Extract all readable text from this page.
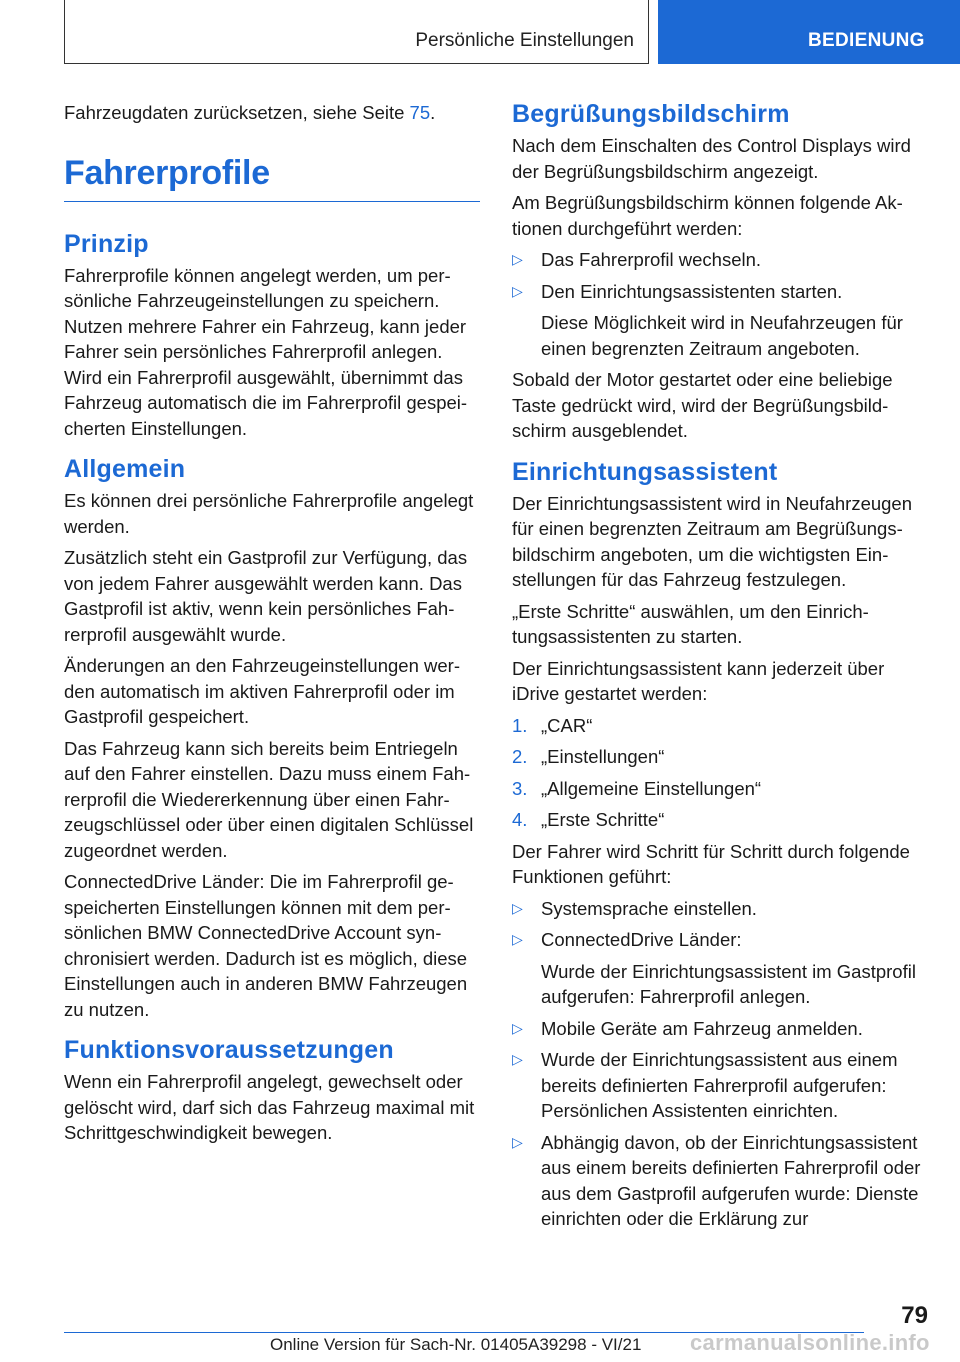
Persönliche Einstellungen	BEDIENUNG

Fahrzeugdaten zurücksetzen, siehe Seite 75.

Fahrerprofile
Prinzip

Fahrerprofile können angelegt werden, um persönliche Fahrzeugeinstellungen zu speichern. Nutzen mehrere Fahrer ein Fahrzeug, kann jeder Fahrer sein persönliches Fahrerprofil anlegen. Wird ein Fahrerprofil ausgewählt, übernimmt das Fahrzeug automatisch die im Fahrerprofil gespeicherten Einstellungen.

Allgemein

Es können drei persönliche Fahrerprofile angelegt werden.

Zusätzlich steht ein Gastprofil zur Verfügung, das von jedem Fahrer ausgewählt werden kann. Das Gastprofil ist aktiv, wenn kein persönliches Fahrerprofil ausgewählt wurde.

Änderungen an den Fahrzeugeinstellungen werden automatisch im aktiven Fahrerprofil oder im Gastprofil gespeichert.

Das Fahrzeug kann sich bereits beim Entriegeln auf den Fahrer einstellen. Dazu muss einem Fahrerprofil die Wiedererkennung über einen Fahrzeugschlüssel oder über einen digitalen Schlüssel zugeordnet werden.

ConnectedDrive Länder: Die im Fahrerprofil gespeicherten Einstellungen können mit dem persönlichen BMW ConnectedDrive Account synchronisiert werden. Dadurch ist es möglich, diese Einstellungen auch in anderen BMW Fahrzeugen zu nutzen.

Funktionsvoraussetzungen

Wenn ein Fahrerprofil angelegt, gewechselt oder gelöscht wird, darf sich das Fahrzeug maximal mit Schrittgeschwindigkeit bewegen.

Begrüßungsbildschirm

Nach dem Einschalten des Control Displays wird der Begrüßungsbildschirm angezeigt.

Am Begrüßungsbildschirm können folgende Aktionen durchgeführt werden:

▷ Das Fahrerprofil wechseln.
▷ Den Einrichtungsassistenten starten.
Diese Möglichkeit wird in Neufahrzeugen für einen begrenzten Zeitraum angeboten.

Sobald der Motor gestartet oder eine beliebige Taste gedrückt wird, wird der Begrüßungsbildschirm ausgeblendet.

Einrichtungsassistent

Der Einrichtungsassistent wird in Neufahrzeugen für einen begrenzten Zeitraum am Begrüßungsbildschirm angeboten, um die wichtigsten Einstellungen für das Fahrzeug festzulegen.

„Erste Schritte“ auswählen, um den Einrichtungsassistenten zu starten.

Der Einrichtungsassistent kann jederzeit über iDrive gestartet werden:

1. „CAR“
2. „Einstellungen“
3. „Allgemeine Einstellungen“
4. „Erste Schritte“

Der Fahrer wird Schritt für Schritt durch folgende Funktionen geführt:

▷ Systemsprache einstellen.
▷ ConnectedDrive Länder:
Wurde der Einrichtungsassistent im Gastprofil aufgerufen: Fahrerprofil anlegen.
▷ Mobile Geräte am Fahrzeug anmelden.
▷ Wurde der Einrichtungsassistent aus einem bereits definierten Fahrerprofil aufgerufen: Persönlichen Assistenten einrichten.
▷ Abhängig davon, ob der Einrichtungsassistent aus einem bereits definierten Fahrerprofil oder aus dem Gastprofil aufgerufen wurde: Dienste einrichten oder die Erklärung zur
79
Online Version für Sach-Nr. 01405A39298 - VI/21 carmanualsonline.info
